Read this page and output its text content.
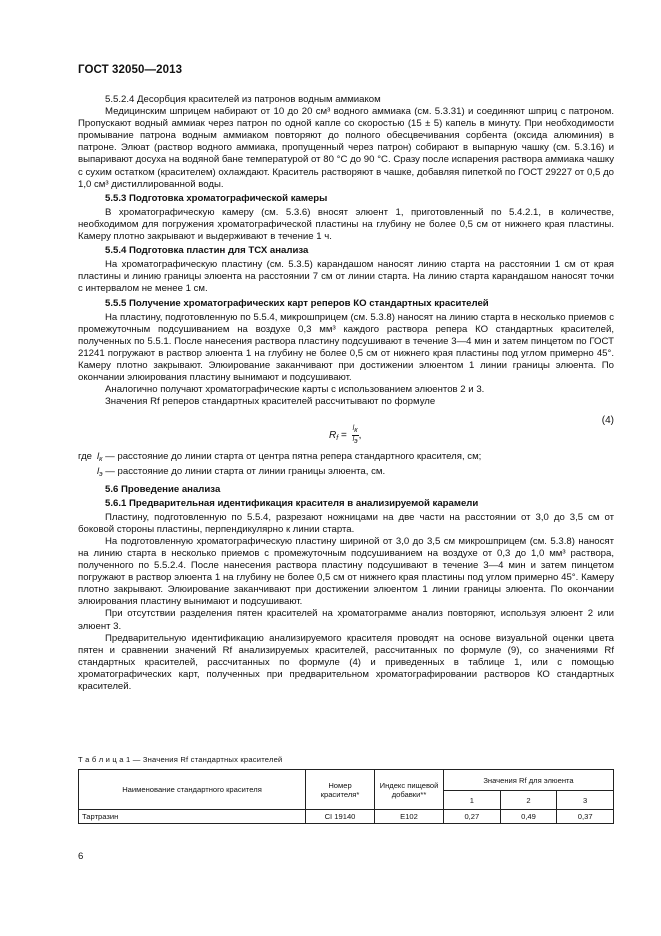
ГОСТ 32050—2013

5.5.2.4 Десорбция красителей из патронов водным аммиаком

Медицинским шприцем набирают от 10 до 20 см³ водного аммиака (см. 5.3.31) и соединяют шприц с патроном. Пропускают водный аммиак через патрон по одной капле со скоростью (15 ± 5) капель в минуту. При необходимости промывание патрона водным аммиаком повторяют до полного обесцвечивания сорбента (оксида алюминия) в патроне. Элюат (раствор водного аммиака, пропущенный через патрон) собирают в выпарную чашку (см. 5.3.16) и выпаривают досуха на водяной бане температурой от 80 °С до 90 °С. Сразу после испарения раствора аммиака чашку с сухим остатком (красителем) охлаждают. Краситель растворяют в чашке, добавляя пипеткой по ГОСТ 29227 от 0,5 до 1,0 см³ дистиллированной воды.

5.5.3 Подготовка хроматографической камеры

В хроматографическую камеру (см. 5.3.6) вносят элюент 1, приготовленный по 5.4.2.1, в количестве, необходимом для погружения хроматографической пластины на глубину не более 0,5 см от нижнего края пластины. Камеру плотно закрывают и выдерживают в течение 1 ч.

5.5.4 Подготовка пластин для ТСХ анализа

На хроматографическую пластину (см. 5.3.5) карандашом наносят линию старта на расстоянии 1 см от края пластины и линию границы элюента на расстоянии 7 см от линии старта. На линию старта карандашом наносят точки с интервалом не менее 1 см.

5.5.5 Получение хроматографических карт реперов КО стандартных красителей

На пластину, подготовленную по 5.5.4, микрошприцем (см. 5.3.8) наносят на линию старта в несколько приемов с промежуточным подсушиванием на воздухе 0,3 мм³ каждого раствора репера КО стандартных красителей, полученных по 5.5.1. После нанесения раствора пластину подсушивают в течение 3—4 мин и затем пинцетом по ГОСТ 21241 погружают в раствор элюента 1 на глубину не более 0,5 см от нижнего края пластины под углом примерно 45°. Камеру плотно закрывают. Элюирование заканчивают при достижении элюентом 1 линии границы элюента. По окончании элюирования пластину вынимают и подсушивают.

Аналогично получают хроматографические карты с использованием элюентов 2 и 3.

Значения Rf реперов стандартных красителей рассчитывают по формуле

$R_f = \frac{lк}{lэ}$ ,
(4)
где $l_к$ — расстояние до линии старта от центра пятна репера стандартного красителя, см;
$l_э$ — расстояние до линии старта от линии границы элюента, см.
5.6 Проведение анализа
5.6.1 Предварительная идентификация красителя в анализируемой карамели

Пластину, подготовленную по 5.5.4, разрезают ножницами на две части на расстоянии от 3,0 до 3,5 см от боковой стороны пластины, перпендикулярно к линии старта.

На подготовленную хроматографическую пластину шириной от 3,0 до 3,5 см микрошприцем (см. 5.3.8) наносят на линию старта в несколько приемов с промежуточным подсушиванием на воздухе от 0,3 до 1,0 мм³ раствора, полученного по 5.5.2.4. После нанесения раствора пластину подсушивают в течение 3—4 мин и затем пинцетом погружают в раствор элюента 1 на глубину не более 0,5 см от нижнего края пластины под углом примерно 45°. Камеру плотно закрывают. Элюирование заканчивают при достижении элюентом 1 линии границы элюента. По окончании элюирования пластину вынимают и подсушивают.

При отсутствии разделения пятен красителей на хроматограмме анализ повторяют, используя элюент 2 или элюент 3.

Предварительную идентификацию анализируемого красителя проводят на основе визуальной оценки цвета пятен и сравнении значений Rf анализируемых красителей, рассчитанных по формуле (9), со значениями Rf стандартных красителей, рассчитанных по формуле (4) и приведенных в таблице 1, или с помощью хроматографических карт, полученных при предварительном хроматографировании растворов КО стандартных красителей.

Т а б л и ц а 1 — Значения Rf стандартных красителей
Наименование стандартного красителя	Номер красителя*	Индекс пищевой добавки**	Значения Rf для элюента		
			1	2	3
Тартразин	CI 19140	E102	0,27	0,49	0,37
6
